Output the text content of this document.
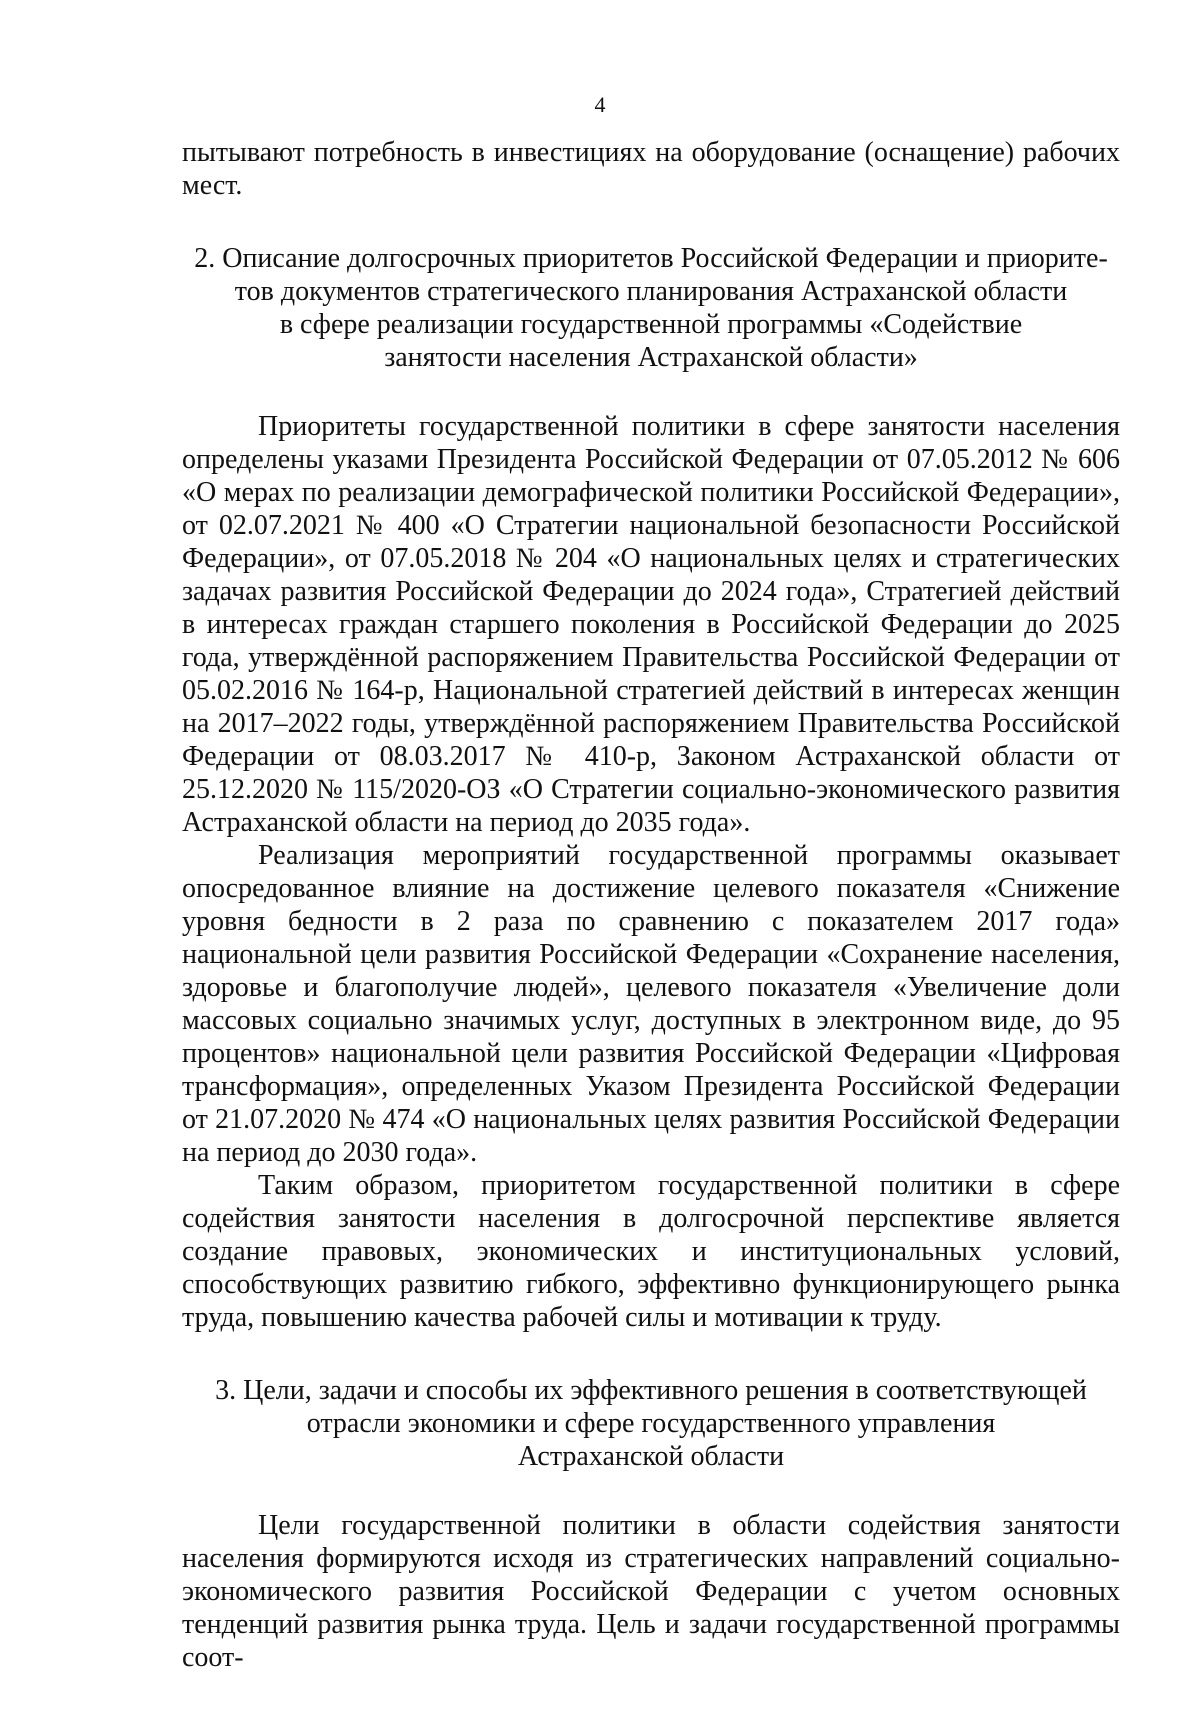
4

пытывают потребность в инвестициях на оборудование (оснащение) рабочих мест.

2. Описание долгосрочных приоритетов Российской Федерации и приорите-
тов документов стратегического планирования Астраханской области
в сфере реализации государственной программы «Содействие
занятости населения Астраханской области»

Приоритеты государственной политики в сфере занятости населения определены указами Президента Российской Федерации от 07.05.2012 № 606 «О мерах по реализации демографической политики Российской Федерации», от 02.07.2021 № 400 «О Стратегии национальной безопасности Российской Федерации», от 07.05.2018 № 204 «О национальных целях и стратегических задачах развития Российской Федерации до 2024 года», Стратегией действий в интересах граждан старшего поколения в Российской Федерации до 2025 года, утверждённой распоряжением Правительства Российской Федерации от 05.02.2016 № 164-р, Национальной стратегией действий в интересах женщин на 2017–2022 годы, утверждённой распоряжением Правительства Российской Федерации от 08.03.2017 № 410-р, Законом Астраханской области от 25.12.2020 № 115/2020-ОЗ «О Стратегии социально-экономического развития Астраханской области на период до 2035 года».

Реализация мероприятий государственной программы оказывает опосредованное влияние на достижение целевого показателя «Снижение уровня бедности в 2 раза по сравнению с показателем 2017 года» национальной цели развития Российской Федерации «Сохранение населения, здоровье и благополучие людей», целевого показателя «Увеличение доли массовых социально значимых услуг, доступных в электронном виде, до 95 процентов» национальной цели развития Российской Федерации «Цифровая трансформация», определенных Указом Президента Российской Федерации от 21.07.2020 № 474 «О национальных целях развития Российской Федерации на период до 2030 года».

Таким образом, приоритетом государственной политики в сфере содействия занятости населения в долгосрочной перспективе является создание правовых, экономических и институциональных условий, способствующих развитию гибкого, эффективно функционирующего рынка труда, повышению качества рабочей силы и мотивации к труду.

3. Цели, задачи и способы их эффективного решения в соответствующей
отрасли экономики и сфере государственного управления
Астраханской области

Цели государственной политики в области содействия занятости населения формируются исходя из стратегических направлений социально-экономического развития Российской Федерации с учетом основных тенденций развития рынка труда. Цель и задачи государственной программы соот-
